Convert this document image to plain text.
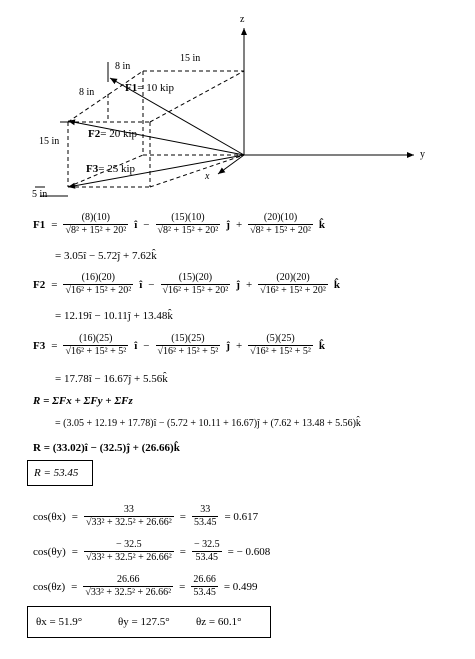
z
y
x
8 in
15 in
8 in
15 in
5 in
F1= 10 kip
F2= 20 kip
F3= 25 kip
$F1 = \frac{(8)(10)}{\text{√8² + 15² + 20²}}$ î − $\frac{(15)(10)}{\text{√8² + 15² + 20²}}$ ĵ + $\frac{(20)(10)}{\text{√8² + 15² + 20²}}$ k̂
= 3.05î − 5.72ĵ + 7.62k̂
$F2 = \frac{(16)(20)}{\text{√16² + 15² + 20²}}$ î − $\frac{(15)(20)}{\text{√16² + 15² + 20²}}$ ĵ + $\frac{(20)(20)}{\text{√16² + 15² + 20²}}$ k̂
= 12.19î − 10.11ĵ + 13.48k̂
$F3 = \frac{(16)(25)}{\text{√16² + 15² + 5²}}$ î − $\frac{(15)(25)}{\text{√16² + 15² + 5²}}$ ĵ + $\frac{(5)(25)}{\text{√16² + 15² + 5²}}$ k̂
= 17.78î − 16.67ĵ + 5.56k̂
R = ΣFx + ΣFy + ΣFz
= (3.05 + 12.19 + 17.78)î − (5.72 + 10.11 + 16.67)ĵ + (7.62 + 13.48 + 5.56)k̂
R = (33.02)î − (32.5)ĵ + (26.66)k̂
R = 53.45
$\cos(\theta x) = \frac{33}{\text{√33² + 32.5² + 26.66²}} = \frac{33}{53.45} = 0.617$
$\cos(\theta y) = \frac{- 32.5}{\text{√33² + 32.5² + 26.66²}} = \frac{- 32.5}{53.45}$ = − 0.608
$\cos(\theta z) = \frac{26.66}{\text{√33² + 32.5² + 26.66²}} = \frac{26.66}{53.45} = 0.499$
θx = 51.9°	θy = 127.5° θz = 60.1°
